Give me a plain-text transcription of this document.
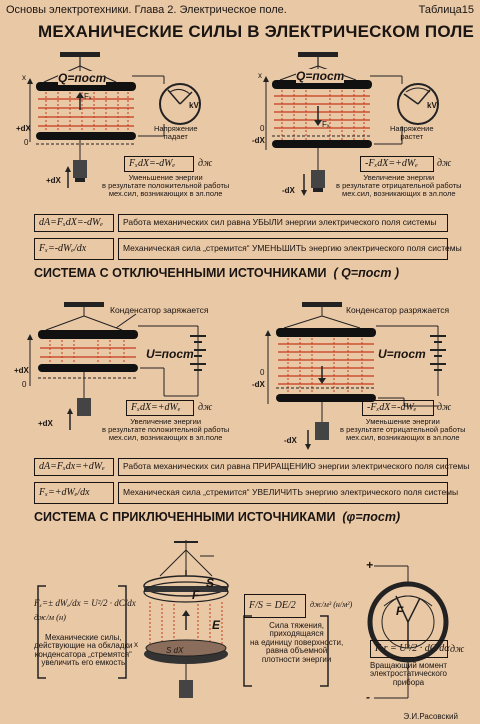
Основы электротехники. Глава 2. Электрическое поле.	Таблица15
МЕХАНИЧЕСКИЕ СИЛЫ В ЭЛЕКТРИЧЕСКОМ ПОЛЕ
Q=пост	Q=пост
kV	kV
Напряжение
падает
Напряжение
растет
x	x
Fₓ
Fₓ
+dX
+dX
0	-dX
-dX
0
FₓdX=-dWₑ	дж
Уменьшение энергии
в результате положительной работы
мех.сил, возникающих в эл.поле
-FₓdX=+dWₑ	дж
Увеличение энергии
в результате отрицательной работы
мех.сил, возникающих в эл.поле
dA=FₓdX=-dWₑ	Работа механических сил равна УБЫЛИ энергии электрического поля системы
Fₓ=-dWₑ/dx	Механическая сила „стремится“ УМЕНЬШИТЬ энергию электрического поля системы
СИСТЕМА С ОТКЛЮЧЕННЫМИ ИСТОЧНИКАМИ ( Q=пост )
Конденсатор заряжается	Конденсатор разряжается
U=пост	U=пост
+dX
+dX
0	-dX
-dX
0
FₓdX=+dWₑ	дж
Увеличение энергии
в результате положительной работы
мех.сил, возникающих в эл.поле
-FₓdX=-dWₑ	дж
Уменьшение энергии
в результате отрицательной работы
мех.сил, возникающих в эл.поле
dA=Fₓdx=+dWₑ	Работа механических сил равна ПРИРАЩЕНИЮ энергии электрического поля системы
Fₓ=+dWₑ/dx	Механическая сила „стремится“ УВЕЛИЧИТЬ энергию электрического поля системы
СИСТЕМА С ПРИКЛЮЧЕННЫМИ ИСТОЧНИКАМИ (φ=пост)
Fₓ=± dWₑ/dx = U²/2 · dC/dx
дж/м (н)
Механические силы,
действующие на обкладки
конденсатора „стремятся“
увеличить его емкость
S
F
E
x
S dX
F/S = DE/2	дж/м³ (н/м²)
Сила тяжения,
приходящаяся
на единицу поверхности,
равна объемной
плотности энергии
+
-
F
F·r = U²/2 · dC/dα дж
Вращающий момент
электростатического
прибора
Э.И.Расовский
